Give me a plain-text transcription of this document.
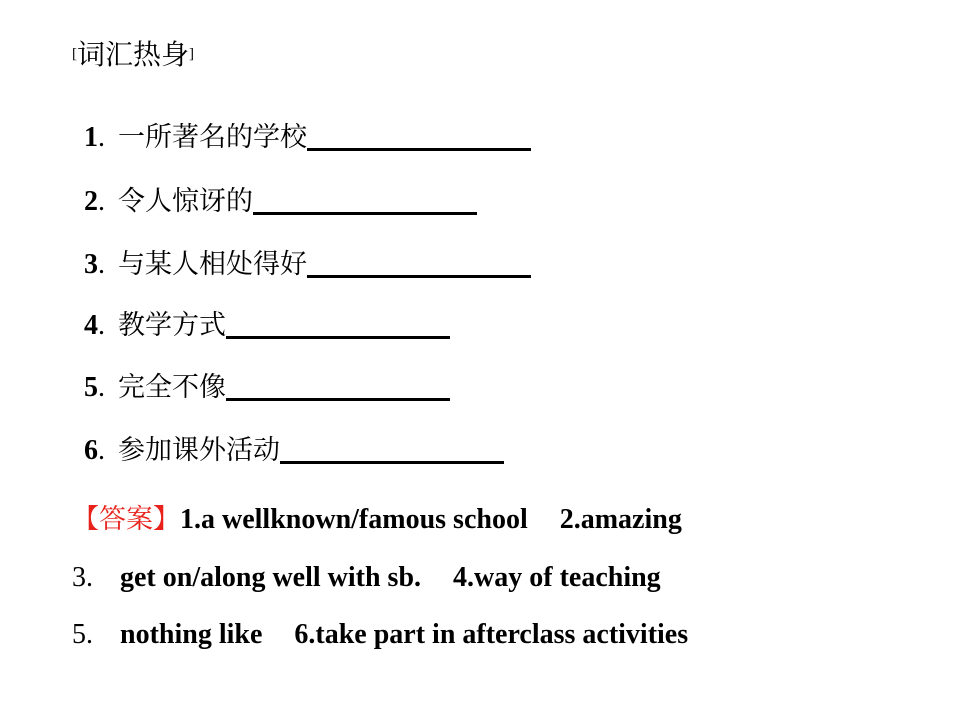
[词汇热身]
1. 一所著名的学校
2. 令人惊讶的
3. 与某人相处得好
4. 教学方式
5. 完全不像
6. 参加课外活动
【答案】1.a wellknown/famous school 2.amazing
3. get on/along well with sb. 4.way of teaching
5. nothing like 6.take part in afterclass activities
